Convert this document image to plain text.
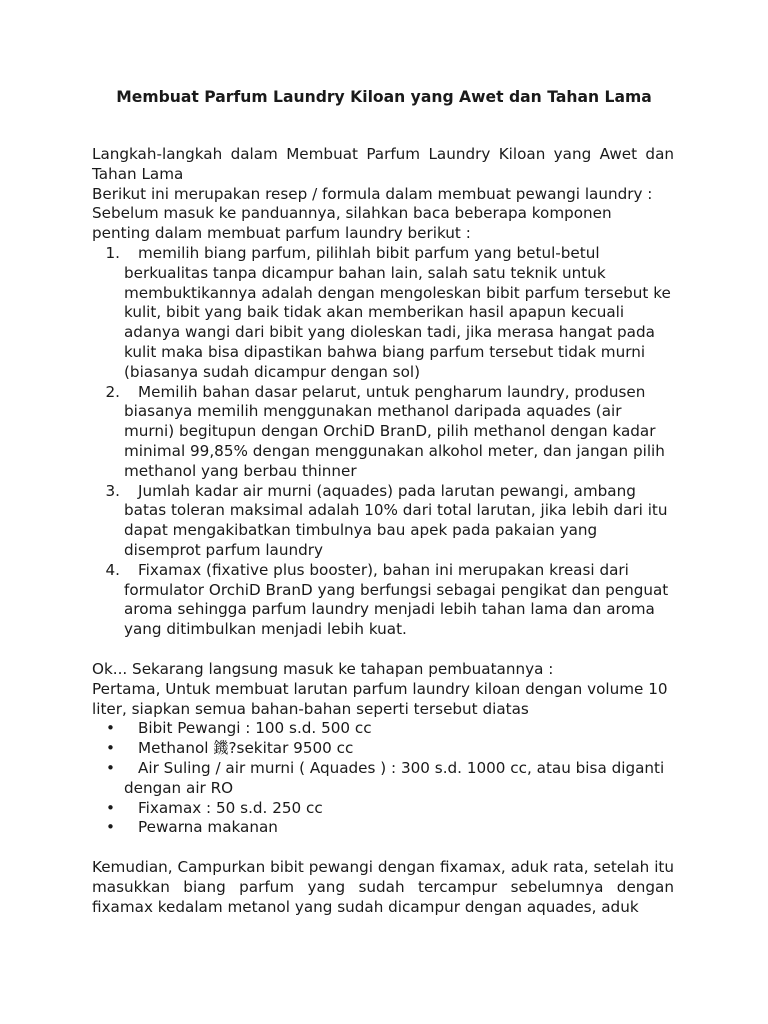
Membuat Parfum Laundry Kiloan yang Awet dan Tahan Lama

Langkah-langkah dalam Membuat Parfum Laundry Kiloan yang Awet dan Tahan Lama

Berikut ini merupakan resep / formula dalam membuat pewangi laundry :

Sebelum masuk ke panduannya, silahkan baca beberapa komponen penting dalam membuat parfum laundry berikut :

1. memilih biang parfum, pilihlah bibit parfum yang betul-betul berkualitas tanpa dicampur bahan lain, salah satu teknik untuk membuktikannya adalah dengan mengoleskan bibit parfum tersebut ke kulit, bibit yang baik tidak akan memberikan hasil apapun kecuali adanya wangi dari bibit yang dioleskan tadi, jika merasa hangat pada kulit maka bisa dipastikan bahwa biang parfum tersebut tidak murni (biasanya sudah dicampur dengan sol)
2. Memilih bahan dasar pelarut, untuk pengharum laundry, produsen biasanya memilih menggunakan methanol daripada aquades (air murni) begitupun dengan OrchiD BranD, pilih methanol dengan kadar minimal 99,85% dengan menggunakan alkohol meter, dan jangan pilih methanol yang berbau thinner
3. Jumlah kadar air murni (aquades) pada larutan pewangi, ambang batas toleran maksimal adalah 10% dari total larutan, jika lebih dari itu dapat mengakibatkan timbulnya bau apek pada pakaian yang disemprot parfum laundry
4. Fixamax (fixative plus booster), bahan ini merupakan kreasi dari formulator OrchiD BranD yang berfungsi sebagai pengikat dan penguat aroma sehingga parfum laundry menjadi lebih tahan lama dan aroma yang ditimbulkan menjadi lebih kuat.

Ok... Sekarang langsung masuk ke tahapan pembuatannya :

Pertama, Untuk membuat larutan parfum laundry kiloan dengan volume 10 liter, siapkan semua bahan-bahan seperti tersebut diatas

• Bibit Pewangi : 100 s.d. 500 cc
• Methanol 鐖?sekitar 9500 cc
• Air Suling / air murni ( Aquades ) : 300 s.d. 1000 cc, atau bisa diganti dengan air RO
• Fixamax : 50 s.d. 250 cc
• Pewarna makanan

Kemudian, Campurkan bibit pewangi dengan fixamax, aduk rata, setelah itu masukkan biang parfum yang sudah tercampur sebelumnya dengan fixamax kedalam metanol yang sudah dicampur dengan aquades, aduk
